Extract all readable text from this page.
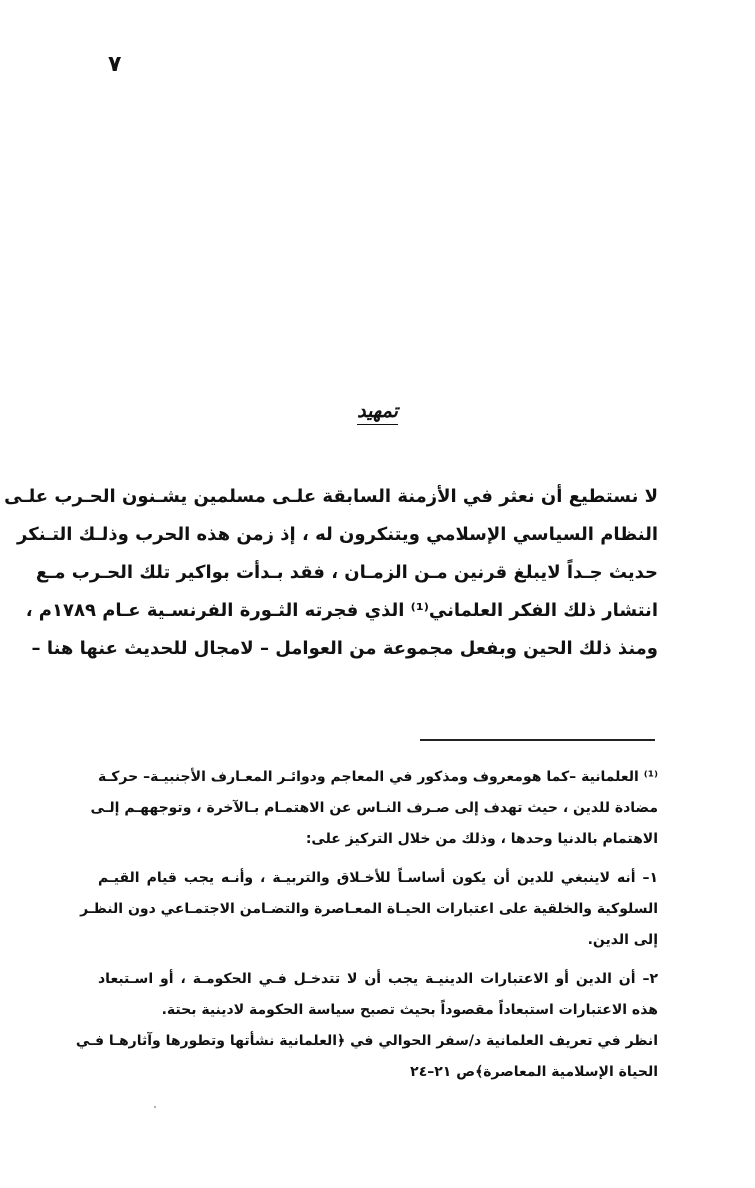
٧
تمهيد
لا نستطيع أن نعثر في الأزمنة السابقة علـى مسلمين يشـنون الحـرب علـى
النظام السياسي الإسلامي ويتنكرون له ، إذ زمن هذه الحرب وذلـك التـنكر
حديث جـداً لايبلغ قرنين مـن الزمـان ، فقد بـدأت بواكير تلك الحـرب مـع
انتشار ذلك الفكر العلماني⁽¹⁾ الذي فجرته الثـورة الفرنسـية عـام ١٧٨٩م ،
ومنذ ذلك الحين وبفعل مجموعة من العوامل – لامجال للحديث عنها هنا –
⁽¹⁾ العلمانية –كما هومعروف ومذكور في المعاجم ودوائـر المعـارف الأجنبيـة– حركـة
مضادة للدين ، حيث تهدف إلى صـرف النـاس عن الاهتمـام بـالآخرة ، وتوجههـم إلـى
الاهتمام بالدنيا وحدها ، وذلك من خلال التركيز على:
١– أنه لاينبغي للدين أن يكون أساسـاً للأخـلاق والتربيـة ، وأنـه يجب قيام القيـم
السلوكية والخلقية على اعتبارات الحيـاة المعـاصرة والتضـامن الاجتمـاعي دون النظـر
إلى الدين.
٢– أن الدين أو الاعتبارات الدينيـة يجب أن لا تتدخـل فـي الحكومـة ، أو اسـتبعاد
هذه الاعتبارات استبعاداً مقصوداً بحيث تصبح سياسة الحكومة لادينية بحتة.
انظر في تعريف العلمانية د/سفر الحوالي في ﴿العلمانية نشأتها وتطورها وآثارهـا فـي
الحياة الإسلامية المعاصرة﴾ص ٢١–٢٤
